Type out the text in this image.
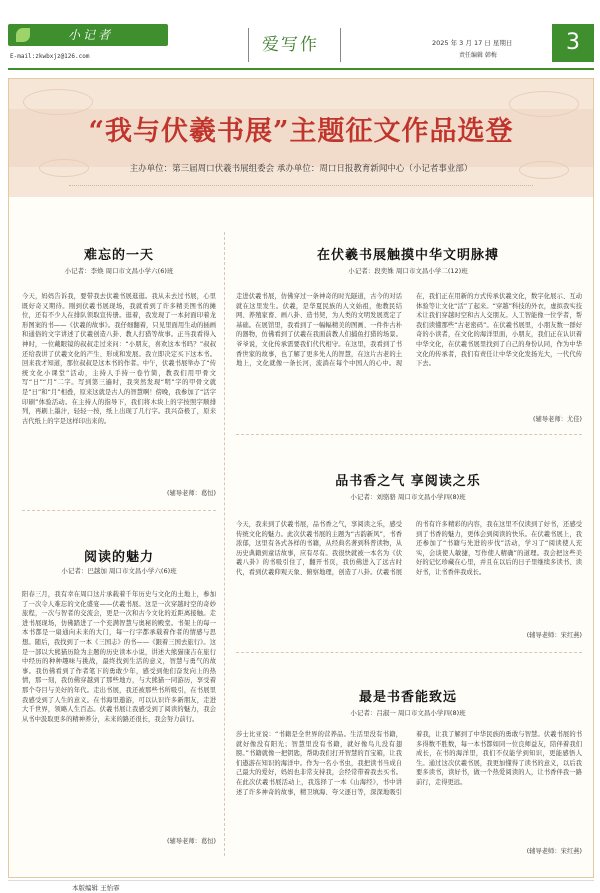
小记者
E-mail:zkwbxjz@126.com
爱写作	2025 年 3 月 17 日 星期日
责任编辑 韩梅
3
“我与伏羲书展”主题征文作品选登
主办单位：第三届周口伏羲书展组委会 承办单位：周口日报教育新闻中心（小记者事业部）
难忘的一天
小记者：李焕 周口市文昌小学六(6)班
今天，妈妈告诉我，要带我去伏羲书展逛逛。我从未去过书展，心里既好奇又期待。刚到伏羲书展现场，我就看到了许多精美图书的摊位，还有不少人在排队领取宣传册。逛着，我发现了一本封面印着龙形图案的书——《伏羲的故事》。我仔细翻着，只见里面用生动的插画和通俗的文字讲述了伏羲创造八卦、教人打猎等故事。正当我看得入神时，一位戴眼镜的叔叔走过来问：“小朋友，喜欢这本书吗？”叔叔还给我讲了伏羲文化的产生、形成和发展。我立即决定买下这本书。回来我才知道，那位叔叔是这本书的作者。中午，伏羲书展举办了“传统文化小课堂”活动，主持人手持一卷竹简，教我们用甲骨文写“日”“月”二字。写到第三遍时，我突然发现“明”字的甲骨文就是“日”和“月”相叠，原来这就是古人的智慧啊！傍晚，我参加了“活字印刷”体验活动。在主持人的指导下，我们将木块上的字按照字顺排列，再刷上墨汁，轻轻一按，纸上出现了几行字。我兴奋极了，原来古代纸上的字是这样印出来的。
(辅导老师：葛恒)
阅读的魅力
小记者：巴越加 周口市文昌小学六(6)班
阳春三月，我有幸在周口这片承载着千年历史与文化的土地上，参加了一次令人难忘的文化盛宴——伏羲书展。这是一次穿越时空的奇妙旅程，一次与智者的交流会，更是一次和古今文化的近距离接触。走进书展现场，仿佛踏进了一个充满智慧与奥秘的殿堂。书架上的每一本书都是一扇通向未来的大门，每一行字都承载着作者的情感与思想。随后，我找到了一本《三国志》的书——《跟着三国去旅行》。这是一部以大熊猫历险为主题的历史读本小说，讲述大熊猫康吉在旅行中经历的种种趣味与挑战，最终找到生活的意义，智慧与勇气的故事。我仿佛看到了作者笔下的勇敢少年，感受到他们奋发向上的热情，那一刻，我仿佛穿越到了那些地方，与大熊猫一同游历，享受着那个夺目与美好的年代。走出书展，我还被那些书所吸引，在书展里我感受到了人生的意义。在书海里遨游，可以认识许多新朋友，走进大千世界，领略人生百态。伏羲书展让我感受到了阅读的魅力，我会从书中汲取更多的精神养分，未来的路还很长，我会努力前行。
(辅导老师：葛恒)
在伏羲书展触摸中华文明脉搏
小记者：段奕姝 周口市文昌小学二(12)班
走进伏羲书展，仿佛穿过一条神奇的时光隧道，古今的对话就在这里发生。伏羲，是华夏民族的人文始祖，他教民结网、养殖家畜、画八卦、造书契，为人类的文明发展奠定了基础。在展馆里，我看到了一幅幅精美的图画、一件件古朴的器物，仿佛看到了伏羲在我面前教人们捕鱼打猎的场景。爷爷说，文化传承需要我们代代相守。在这里，我看到了书香世家的故事，也了解了更多先人的智慧，在这片古老的土地上，文化就像一条长河，流淌在每个中国人的心中。现在，我们正在用新的方式传承伏羲文化，数字化展示、互动体验等让文化“活”了起来。“穿越”科技的外衣，虚拟我实技术让我们穿越时空和古人交朋友。人工智能像一位学者，帮我们读懂那些“古老密码”。在伏羲书展里，小朋友数一群好奇的小读者，在文化的海洋里面，小朋友，我们正在认识着中华文化，在伏羲书展里找到了自己的身份认同，作为中华文化的传承者，我们有责任让中华文化发扬光大，一代代传下去。
(辅导老师：尤佳)
品书香之气 享阅读之乐
小记者：刘骆骆 周口市文昌小学四(8)班
今天，我来到了伏羲书展，品书香之气，享阅读之乐，感受传统文化的魅力。此次伏羲书展的主题为“古韵新风”，书香浓郁，这里有各式各样的书籍，从经典名著到科普读物，从历史典籍到童话故事，应有尽有。我很快就被一本名为《伏羲八卦》的书吸引住了，翻开书页，我仿佛进入了远古时代，看到伏羲仰观天象、俯察地理，创造了八卦。伏羲书展的书有许多精彩的内容，我在这里不仅读到了好书，还感受到了书香的魅力，更体会到阅读的快乐。在伏羲书展上，我还参加了“书籍与先进的步伐”活动，学习了“阅读使人充实，会谈使人敏捷，写作使人精确”的道理。我会把这些美好的记忆珍藏在心里，并且在以后的日子里继续多读书、读好书，让书香伴我成长。
(辅导老师：宋红燕)
最是书香能致远
小记者：吕淑一 周口市文昌小学四(8)班
莎士比亚说：“书籍是全世界的营养品。生活里没有书籍，就好像没有阳光；智慧里没有书籍，就好像鸟儿没有翅膀。”书籍就像一把钥匙，帮助我们打开智慧的百宝箱，让我们遨游在知识的海洋中。作为一名小书虫，我把读书当成自己最大的爱好，妈妈也非常支持我，会经常带着我去买书。在此次伏羲书展活动上，我选择了一本《山海经》，书中讲述了许多神奇的故事，精卫填海、夸父逐日等，深深地吸引着我，让我了解到了中华民族的勇敢与智慧。伏羲书展的书多得数不胜数，每一本书都如同一位良师益友，陪伴着我们成长，在书的海洋里，我们不仅能学到知识，更能感悟人生。通过这次伏羲书展，我更加懂得了读书的意义，以后我要多读书，读好书，做一个热爱阅读的人，让书香伴我一路前行，走得更远。
(辅导老师：宋红燕)
本版编辑 王怡霏
